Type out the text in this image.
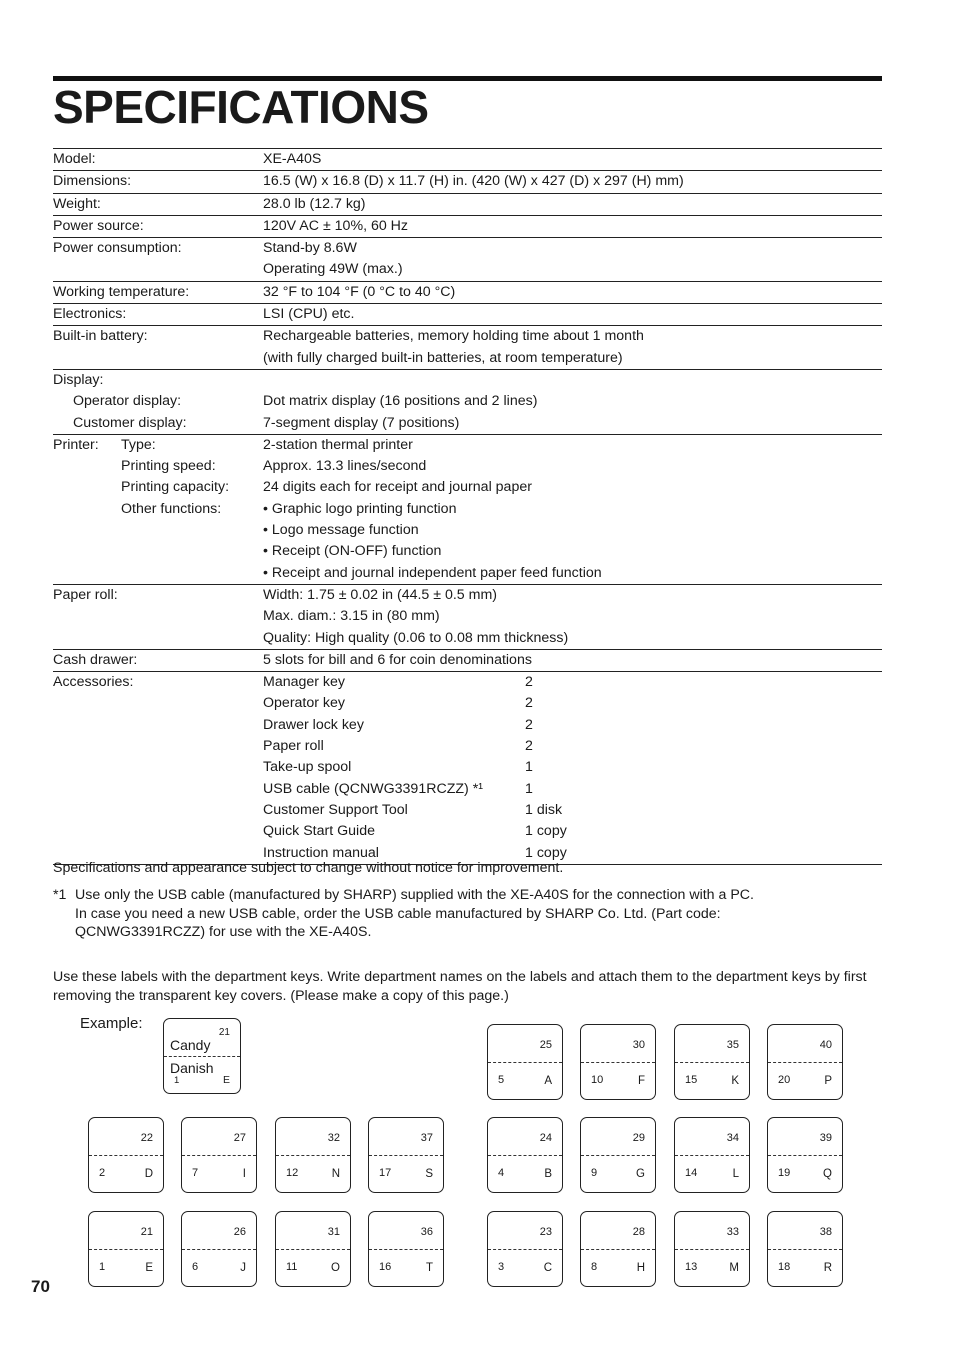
SPECIFICATIONS
Model:	XE-A40S
Dimensions:	16.5 (W) x 16.8 (D) x 11.7 (H) in. (420 (W) x 427 (D) x 297 (H) mm)
Weight:	28.0 lb (12.7 kg)
Power source:	120V AC ± 10%, 60 Hz
Power consumption:	Stand-by 8.6W
Operating 49W (max.)
Working temperature:	32 °F to 104 °F (0 °C to 40 °C)
Electronics:	LSI (CPU) etc.
Built-in battery:	Rechargeable batteries, memory holding time about 1 month
(with fully charged built-in batteries, at room temperature)
Display:
Operator display:	Dot matrix display (16 positions and 2 lines)
Customer display:	7-segment display (7 positions)
Printer: Type:	2-station thermal printer
Printing speed:	Approx. 13.3 lines/second
Printing capacity: 24 digits each for receipt and journal paper
Other functions:	• Graphic logo printing function
• Logo message function
• Receipt (ON-OFF) function
• Receipt and journal independent paper feed function
Paper roll:	Width: 1.75 ± 0.02 in (44.5 ± 0.5 mm)
Max. diam.: 3.15 in (80 mm)
Quality: High quality (0.06 to 0.08 mm thickness)
Cash drawer:	5 slots for bill and 6 for coin denominations
Accessories:	Manager key	2
Operator key	2
Drawer lock key	2
Paper roll	2
Take-up spool	1
USB cable (QCNWG3391RCZZ) *¹	1
Customer Support Tool	1 disk
Quick Start Guide	1 copy
Instruction manual	1 copy
Specifications and appearance subject to change without notice for improvement.
*1 Use only the USB cable (manufactured by SHARP) supplied with the XE-A40S for the connection with a PC.
In case you need a new USB cable, order the USB cable manufactured by SHARP Co. Ltd. (Part code:
QCNWG3391RCZZ) for use with the XE-A40S.
Use these labels with the department keys. Write department names on the labels and attach them to the department keys by first removing the transparent key covers. (Please make a copy of this page.)
Example:
21
Candy
Danish
1	E
25
5	A
30
10	F
35
15	K
40
20	P
22
2	D
27
7	I
32
12	N
37
17	S
24
4	B
29
9	G
34
14	L
39
19	Q
21
1	E
26
6	J
31
11	O
36
16	T
23
3	C
28
8	H
33
13	M
38
18	R
70
